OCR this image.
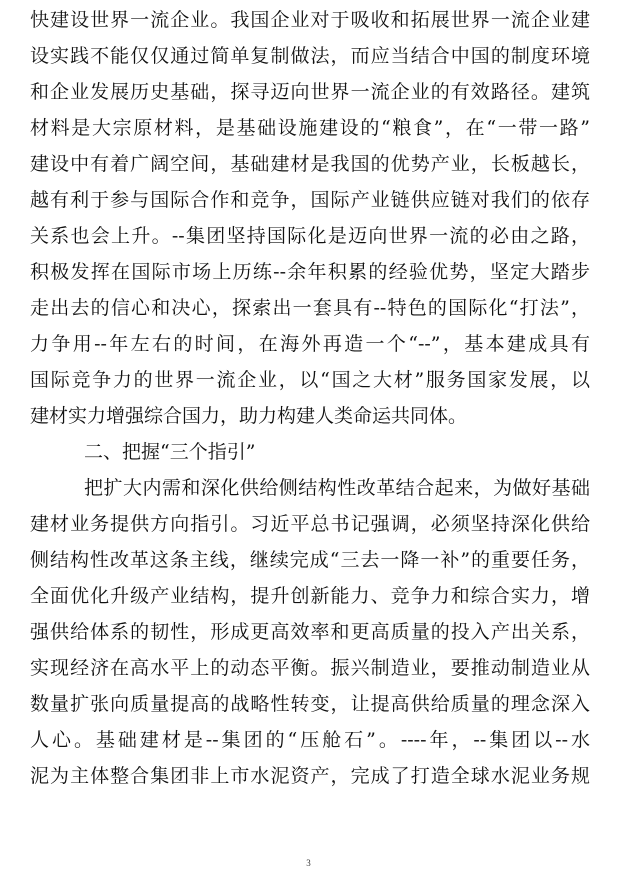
快建设世界一流企业。我国企业对于吸收和拓展世界一流企业建
设实践不能仅仅通过简单复制做法，而应当结合中国的制度环境
和企业发展历史基础，探寻迈向世界一流企业的有效路径。建筑
材料是大宗原材料，是基础设施建设的“粮食”，在“一带一路”
建设中有着广阔空间，基础建材是我国的优势产业，长板越长，
越有利于参与国际合作和竞争，国际产业链供应链对我们的依存
关系也会上升。--集团坚持国际化是迈向世界一流的必由之路，
积极发挥在国际市场上历练--余年积累的经验优势，坚定大踏步
走出去的信心和决心，探索出一套具有--特色的国际化“打法”，
力争用--年左右的时间，在海外再造一个“--”，基本建成具有
国际竞争力的世界一流企业，以“国之大材”服务国家发展，以
建材实力增强综合国力，助力构建人类命运共同体。
二、把握“三个指引”
把扩大内需和深化供给侧结构性改革结合起来，为做好基础
建材业务提供方向指引。习近平总书记强调，必须坚持深化供给
侧结构性改革这条主线，继续完成“三去一降一补”的重要任务，
全面优化升级产业结构，提升创新能力、竞争力和综合实力，增
强供给体系的韧性，形成更高效率和更高质量的投入产出关系，
实现经济在高水平上的动态平衡。振兴制造业，要推动制造业从
数量扩张向质量提高的战略性转变，让提高供给质量的理念深入
人心。基础建材是--集团的“压舱石”。----年，--集团以--水
泥为主体整合集团非上市水泥资产，完成了打造全球水泥业务规
3
